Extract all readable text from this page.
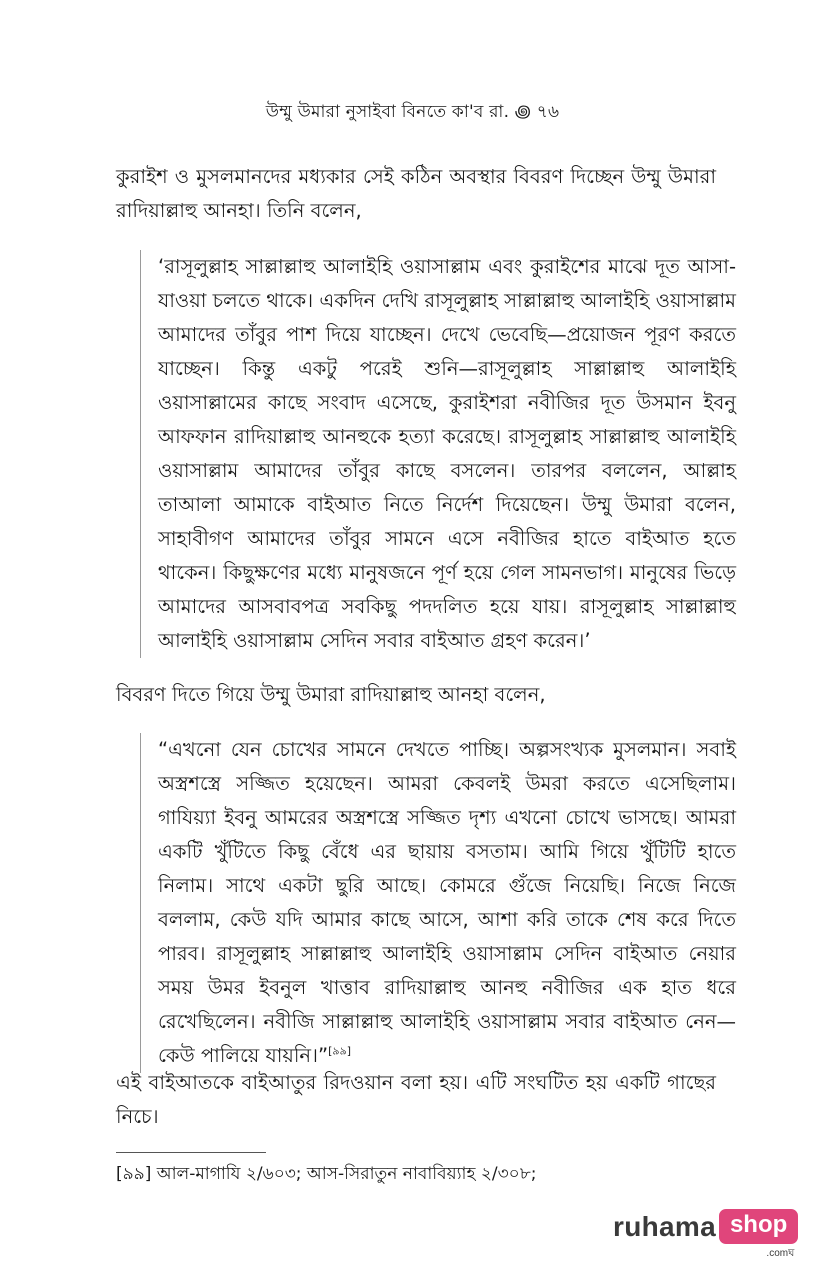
উম্মু উমারা নুসাইবা বিনতে কা'ব রা. ꩜ ৭৬

কুরাইশ ও মুসলমানদের মধ্যকার সেই কঠিন অবস্থার বিবরণ দিচ্ছেন উম্মু উমারা রাদিয়াল্লাহু আনহা। তিনি বলেন,

‘রাসূলুল্লাহ সাল্লাল্লাহু আলাইহি ওয়াসাল্লাম এবং কুরাইশের মাঝে দূত আসা-যাওয়া চলতে থাকে। একদিন দেখি রাসূলুল্লাহ সাল্লাল্লাহু আলাইহি ওয়াসাল্লাম আমাদের তাঁবুর পাশ দিয়ে যাচ্ছেন। দেখে ভেবেছি—প্রয়োজন পূরণ করতে যাচ্ছেন। কিন্তু একটু পরেই শুনি—রাসূলুল্লাহ সাল্লাল্লাহু আলাইহি ওয়াসাল্লামের কাছে সংবাদ এসেছে, কুরাইশরা নবীজির দূত উসমান ইবনু আফফান রাদিয়াল্লাহু আনহুকে হত্যা করেছে। রাসূলুল্লাহ সাল্লাল্লাহু আলাইহি ওয়াসাল্লাম আমাদের তাঁবুর কাছে বসলেন। তারপর বললেন, আল্লাহ তাআলা আমাকে বাইআত নিতে নির্দেশ দিয়েছেন। উম্মু উমারা বলেন, সাহাবীগণ আমাদের তাঁবুর সামনে এসে নবীজির হাতে বাইআত হতে থাকেন। কিছুক্ষণের মধ্যে মানুষজনে পূর্ণ হয়ে গেল সামনভাগ। মানুষের ভিড়ে আমাদের আসবাবপত্র সবকিছু পদদলিত হয়ে যায়। রাসূলুল্লাহ সাল্লাল্লাহু আলাইহি ওয়াসাল্লাম সেদিন সবার বাইআত গ্রহণ করেন।’

বিবরণ দিতে গিয়ে উম্মু উমারা রাদিয়াল্লাহু আনহা বলেন,

“এখনো যেন চোখের সামনে দেখতে পাচ্ছি। অল্পসংখ্যক মুসলমান। সবাই অস্ত্রশস্ত্রে সজ্জিত হয়েছেন। আমরা কেবলই উমরা করতে এসেছিলাম। গাযিয়্যা ইবনু আমরের অস্ত্রশস্ত্রে সজ্জিত দৃশ্য এখনো চোখে ভাসছে। আমরা একটি খুঁটিতে কিছু বেঁধে এর ছায়ায় বসতাম। আমি গিয়ে খুঁটিটি হাতে নিলাম। সাথে একটা ছুরি আছে। কোমরে গুঁজে নিয়েছি। নিজে নিজে বললাম, কেউ যদি আমার কাছে আসে, আশা করি তাকে শেষ করে দিতে পারব। রাসূলুল্লাহ সাল্লাল্লাহু আলাইহি ওয়াসাল্লাম সেদিন বাইআত নেয়ার সময় উমর ইবনুল খাত্তাব রাদিয়াল্লাহু আনহু নবীজির এক হাত ধরে রেখেছিলেন। নবীজি সাল্লাল্লাহু আলাইহি ওয়াসাল্লাম সবার বাইআত নেন—কেউ পালিয়ে যায়নি।”[৯৯]

এই বাইআতকে বাইআতুর রিদওয়ান বলা হয়। এটি সংঘটিত হয় একটি গাছের নিচে।

[৯৯] আল-মাগাযি ২/৬০৩; আস-সিরাতুন নাবাবিয়্যাহ ২/৩০৮;
ruhama shop
.comঘ
